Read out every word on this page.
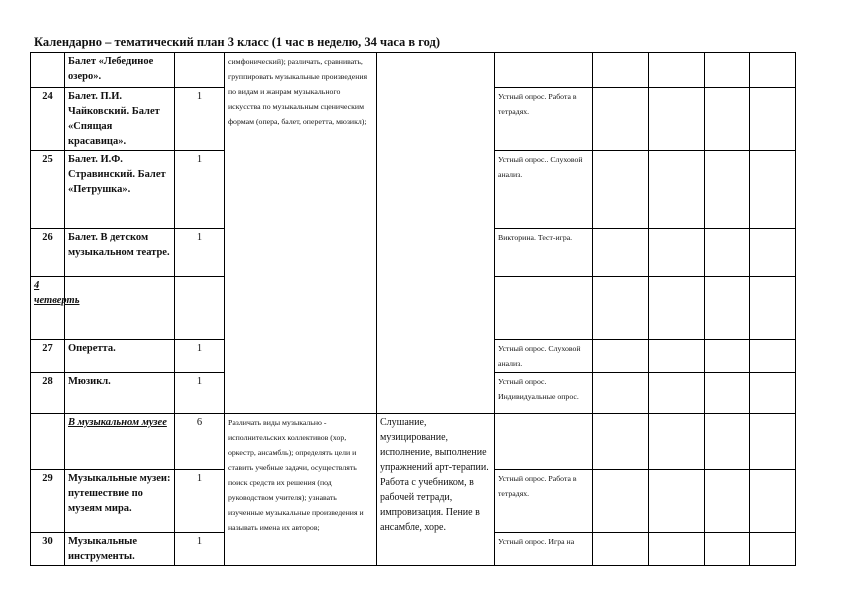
Календарно – тематический план 3 класс (1 час в неделю, 34 часа в год)
	Балет «Лебединое озеро».		симфонический); различать, сравнивать, группировать музыкальные произведения по видам и жанрам музыкального искусства по музыкальным сценическим формам (опера, балет, оперетта, мюзикл);						
24	Балет. П.И. Чайковский. Балет «Спящая красавица».	1			Устный опрос. Работа в тетрадях.				
25	Балет. И.Ф. Стравинский. Балет «Петрушка».	1			Устный опрос.. Слуховой анализ.				
26	Балет. В детском музыкальном театре.	1			Викторина. Тест-игра.				
4 четверть									
27	Оперетта.	1			Устный опрос. Слуховой анализ.				
28	Мюзикл.	1			Устный опрос. Индивидуальные опрос.				
	В музыкальном музее	6	Различать виды музыкально - исполнительских коллективов (хор, оркестр, ансамбль); определять цели и ставить учебные задачи, осуществлять поиск средств их решения (под руководством учителя); узнавать изученные музыкальные произведения и называть имена их авторов;	Слушание, музицирование, исполнение, выполнение упражнений арт-терапии. Работа с учебником, в рабочей тетради, импровизация. Пение в ансамбле, хоре.					
29	Музыкальные музеи: путешествие по музеям мира.	1			Устный опрос. Работа в тетрадях.				
30	Музыкальные инструменты.	1			Устный опрос. Игра на				
